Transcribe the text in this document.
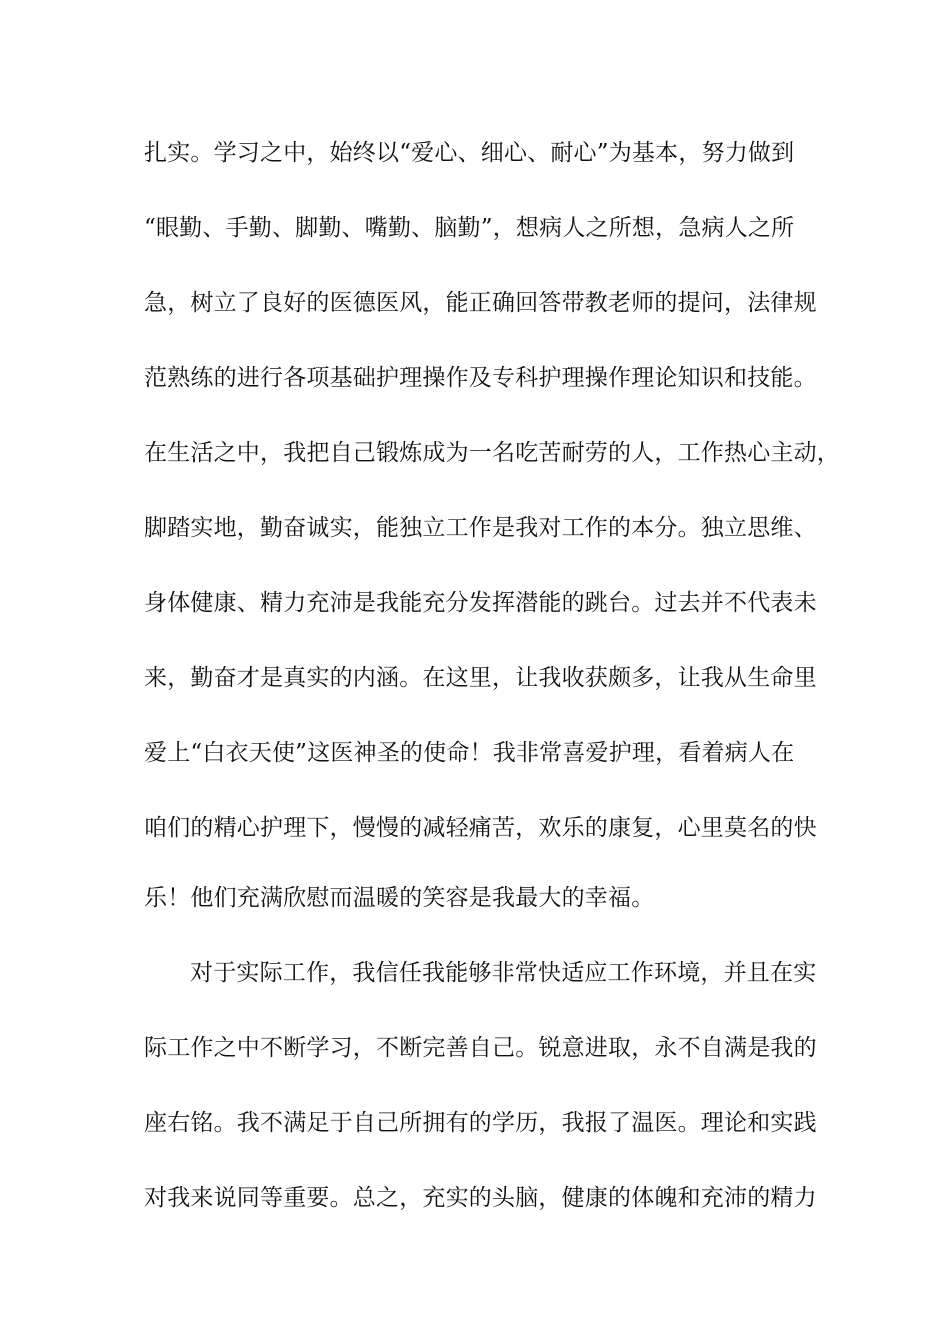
扎实。学习之中，始终以“爱心、细心、耐心”为基本，努力做到
“眼勤、手勤、脚勤、嘴勤、脑勤”，想病人之所想，急病人之所
急，树立了良好的医德医风，能正确回答带教老师的提问，法律规
范熟练的进行各项基础护理操作及专科护理操作理论知识和技能。
在生活之中，我把自己锻炼成为一名吃苦耐劳的人，工作热心主动，
脚踏实地，勤奋诚实，能独立工作是我对工作的本分。独立思维、
身体健康、精力充沛是我能充分发挥潜能的跳台。过去并不代表未
来，勤奋才是真实的内涵。在这里，让我收获颇多，让我从生命里
爱上“白衣天使”这医神圣的使命！我非常喜爱护理，看着病人在
咱们的精心护理下，慢慢的减轻痛苦，欢乐的康复，心里莫名的快
乐！他们充满欣慰而温暖的笑容是我最大的幸福。
对于实际工作，我信任我能够非常快适应工作环境，并且在实
际工作之中不断学习，不断完善自己。锐意进取，永不自满是我的
座右铭。我不满足于自己所拥有的学历，我报了温医。理论和实践
对我来说同等重要。总之，充实的头脑，健康的体魄和充沛的精力
